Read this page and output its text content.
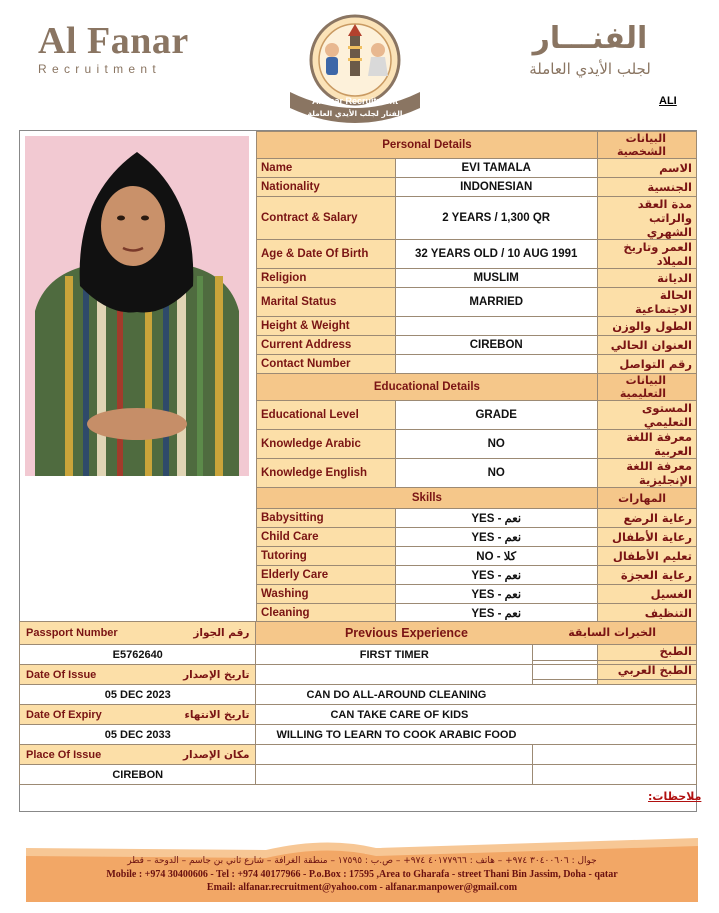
Al Fanar
Recruitment
Alfanar Recruitment
الفنار لجلب الأيدي العاملة
الفنـــار
لجلب الأيدي العاملة
ALI
Personal Details		البيانات الشخصية
Name	EVI TAMALA	الاسم
Nationality	INDONESIAN	الجنسية
Contract & Salary	2 YEARS / 1,300 QR	مدة العقد والراتب الشهري
Age & Date Of Birth	32 YEARS OLD / 10 AUG 1991	العمر وتاريخ الميلاد
Religion	MUSLIM	الديانة
Marital Status	MARRIED	الحالة الاجتماعية
Height & Weight		الطول والوزن
Current Address	CIREBON	العنوان الحالي
Contact Number		رقم التواصل
Educational Details		البيانات التعليمية
Educational Level	GRADE	المستوى التعليمي
Knowledge Arabic	NO	معرفة اللغة العربية
Knowledge English	NO	معرفة اللغة الإنجليزية
Skills		المهارات
Babysitting	YES - نعم	رعاية الرضع
Child Care	YES - نعم	رعاية الأطفال
Tutoring	NO - كلا	تعليم الأطفال
Elderly Care	YES - نعم	رعاية العجزة
Washing	YES - نعم	الغسيل
Cleaning	YES - نعم	التنظيف

		الطبخ
		الطبخ العربي

Passport Number رقم الجواز	Previous Experience الخبرات السابقة	

E5762640	FIRST TIMER	
Date Of Issue تاريخ الإصدار		

05 DEC 2023	CAN DO ALL-AROUND CLEANING	
Date Of Expiry تاريخ الانتهاء	CAN TAKE CARE OF KIDS	
05 DEC 2033	WILLING TO LEARN TO COOK ARABIC FOOD	
Place Of Issue مكان الإصدار		

CIREBON		
ملاحظات:
جوال : ٣٠٤٠٠٦٠٦ ٩٧٤+ – هاتف : ٤٠١٧٧٩٦٦ ٩٧٤+ – ص.ب : ١٧٥٩٥ – منطقة الغرافة – شارع ثاني بن جاسم – الدوحة – قطر
Mobile : +974 30400606 - Tel : +974 40177966 - P.o.Box : 17595 ,Area to Gharafa - street Thani Bin Jassim, Doha - qatar
Email: alfanar.recruitment@yahoo.com - alfanar.manpower@gmail.com
